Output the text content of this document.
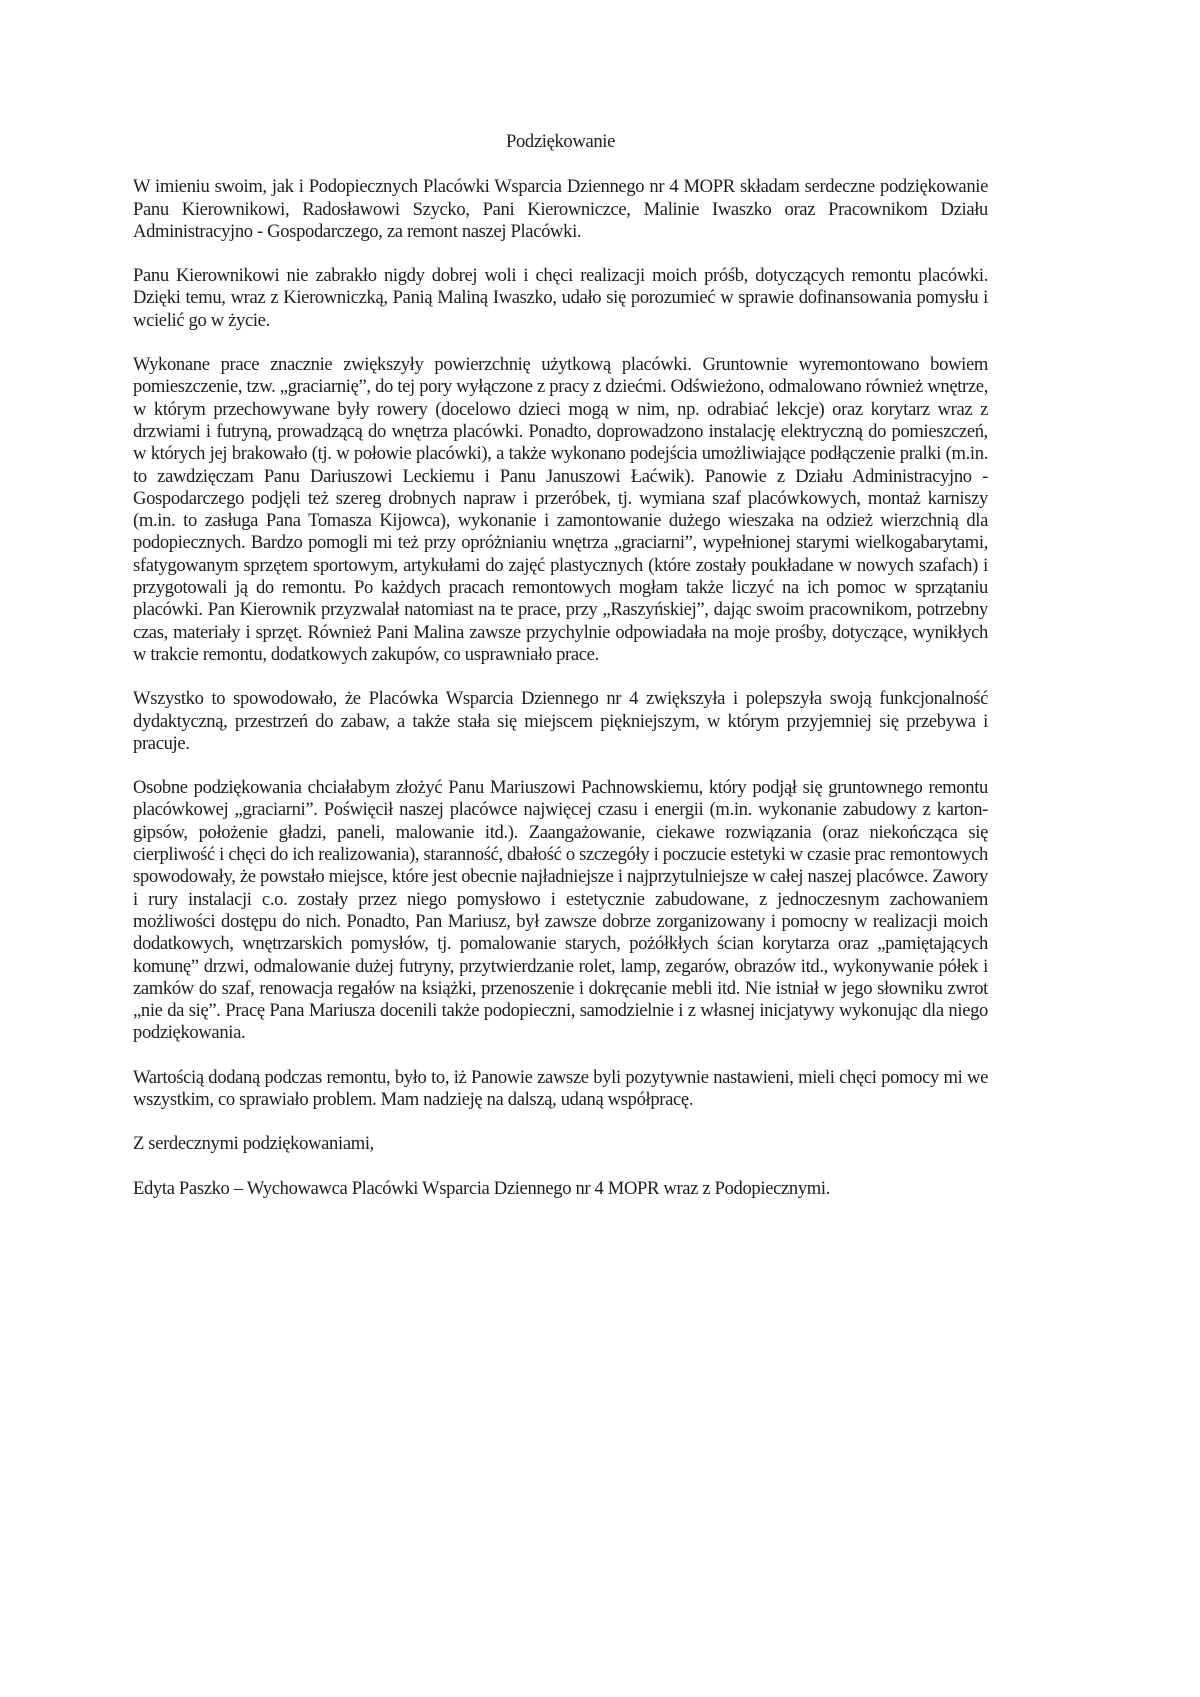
Podziękowanie

W imieniu swoim, jak i Podopiecznych Placówki Wsparcia Dziennego nr 4 MOPR składam serdeczne podziękowanie Panu Kierownikowi, Radosławowi Szycko, Pani Kierowniczce, Malinie Iwaszko oraz Pracownikom Działu Administracyjno - Gospodarczego, za remont naszej Placówki.

Panu Kierownikowi nie zabrakło nigdy dobrej woli i chęci realizacji moich próśb, dotyczących remontu placówki. Dzięki temu, wraz z Kierowniczką, Panią Maliną Iwaszko, udało się porozumieć w sprawie dofinansowania pomysłu i wcielić go w życie.

Wykonane prace znacznie zwiększyły powierzchnię użytkową placówki. Gruntownie wyremontowano bowiem pomieszczenie, tzw. „graciarnię”, do tej pory wyłączone z pracy z dziećmi. Odświeżono, odmalowano również wnętrze, w którym przechowywane były rowery (docelowo dzieci mogą w nim, np. odrabiać lekcje) oraz korytarz wraz z drzwiami i futryną, prowadzącą do wnętrza placówki. Ponadto, doprowadzono instalację elektryczną do pomieszczeń, w których jej brakowało (tj. w połowie placówki), a także wykonano podejścia umożliwiające podłączenie pralki (m.in. to zawdzięczam Panu Dariuszowi Leckiemu i Panu Januszowi Łaćwik). Panowie z Działu Administracyjno - Gospodarczego podjęli też szereg drobnych napraw i przeróbek, tj. wymiana szaf placówkowych, montaż karniszy (m.in. to zasługa Pana Tomasza Kijowca), wykonanie i zamontowanie dużego wieszaka na odzież wierzchnią dla podopiecznych. Bardzo pomogli mi też przy opróżnianiu wnętrza „graciarni”, wypełnionej starymi wielkogabarytami, sfatygowanym sprzętem sportowym, artykułami do zajęć plastycznych (które zostały poukładane w nowych szafach) i przygotowali ją do remontu. Po każdych pracach remontowych mogłam także liczyć na ich pomoc w sprzątaniu placówki. Pan Kierownik przyzwalał natomiast na te prace, przy „Raszyńskiej”, dając swoim pracownikom, potrzebny czas, materiały i sprzęt. Również Pani Malina zawsze przychylnie odpowiadała na moje prośby, dotyczące, wynikłych w trakcie remontu, dodatkowych zakupów, co usprawniało prace.

Wszystko to spowodowało, że Placówka Wsparcia Dziennego nr 4 zwiększyła i polepszyła swoją funkcjonalność dydaktyczną, przestrzeń do zabaw, a także stała się miejscem piękniejszym, w którym przyjemniej się przebywa i pracuje.

Osobne podziękowania chciałabym złożyć Panu Mariuszowi Pachnowskiemu, który podjął się gruntownego remontu placówkowej „graciarni”. Poświęcił naszej placówce najwięcej czasu i energii (m.in. wykonanie zabudowy z karton-gipsów, położenie gładzi, paneli, malowanie itd.). Zaangażowanie, ciekawe rozwiązania (oraz niekończąca się cierpliwość i chęci do ich realizowania), staranność, dbałość o szczegóły i poczucie estetyki w czasie prac remontowych spowodowały, że powstało miejsce, które jest obecnie najładniejsze i najprzytulniejsze w całej naszej placówce. Zawory i rury instalacji c.o. zostały przez niego pomysłowo i estetycznie zabudowane, z jednoczesnym zachowaniem możliwości dostępu do nich. Ponadto, Pan Mariusz, był zawsze dobrze zorganizowany i pomocny w realizacji moich dodatkowych, wnętrzarskich pomysłów, tj. pomalowanie starych, pożółkłych ścian korytarza oraz „pamiętających komunę” drzwi, odmalowanie dużej futryny, przytwierdzanie rolet, lamp, zegarów, obrazów itd., wykonywanie półek i zamków do szaf, renowacja regałów na książki, przenoszenie i dokręcanie mebli itd. Nie istniał w jego słowniku zwrot „nie da się”. Pracę Pana Mariusza docenili także podopieczni, samodzielnie i z własnej inicjatywy wykonując dla niego podziękowania.

Wartością dodaną podczas remontu, było to, iż Panowie zawsze byli pozytywnie nastawieni, mieli chęci pomocy mi we wszystkim, co sprawiało problem. Mam nadzieję na dalszą, udaną współpracę.

Z serdecznymi podziękowaniami,

Edyta Paszko – Wychowawca Placówki Wsparcia Dziennego nr 4 MOPR wraz z Podopiecznymi.
